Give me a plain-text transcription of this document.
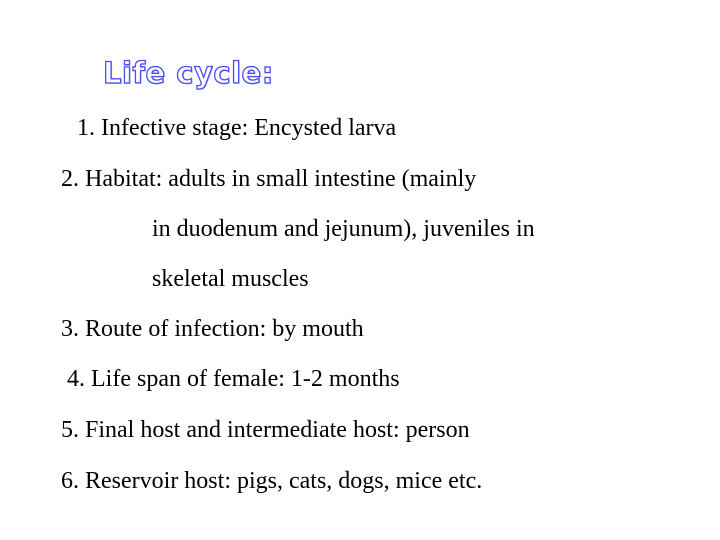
Life cycle:
1. Infective stage: Encysted larva
2. Habitat: adults in small intestine (mainly
in duodenum and jejunum), juveniles in
skeletal muscles
3. Route of infection: by mouth
4. Life span of female: 1-2 months
5. Final host and intermediate host: person
6. Reservoir host: pigs, cats, dogs, mice etc.
